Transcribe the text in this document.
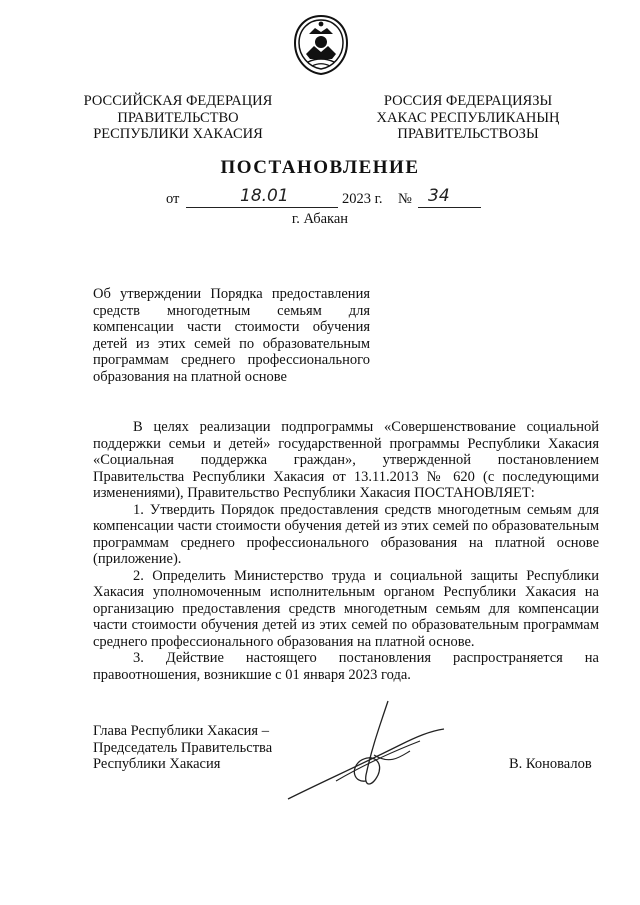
РОССИЙСКАЯ ФЕДЕРАЦИЯ
ПРАВИТЕЛЬСТВО
РЕСПУБЛИКИ ХАКАСИЯ
РОССИЯ ФЕДЕРАЦИЯЗЫ
ХАКАС РЕСПУБЛИКАНЫҢ
ПРАВИТЕЛЬСТВОЗЫ
ПОСТАНОВЛЕНИЕ
от	18.01	2023 г. № 34
г. Абакан
Об утверждении Порядка предоставления средств многодетным семьям для компенсации части стоимости обучения детей из этих семей по образовательным программам среднего профессионального образования на платной основе

В целях реализации подпрограммы «Совершенствование социальной поддержки семьи и детей» государственной программы Республики Хакасия «Социальная поддержка граждан», утвержденной постановлением Правительства Республики Хакасия от 13.11.2013 № 620 (с последующими изменениями), Правительство Республики Хакасия ПОСТАНОВЛЯЕТ:

1. Утвердить Порядок предоставления средств многодетным семьям для компенсации части стоимости обучения детей из этих семей по образовательным программам среднего профессионального образования на платной основе (приложение).

2. Определить Министерство труда и социальной защиты Республики Хакасия уполномоченным исполнительным органом Республики Хакасия на организацию предоставления средств многодетным семьям для компенсации части стоимости обучения детей из этих семей по образовательным программам среднего профессионального образования на платной основе.

3. Действие настоящего постановления распространяется на правоотношения, возникшие с 01 января 2023 года.

Глава Республики Хакасия –
Председатель Правительства
Республики Хакасия	В. Коновалов
